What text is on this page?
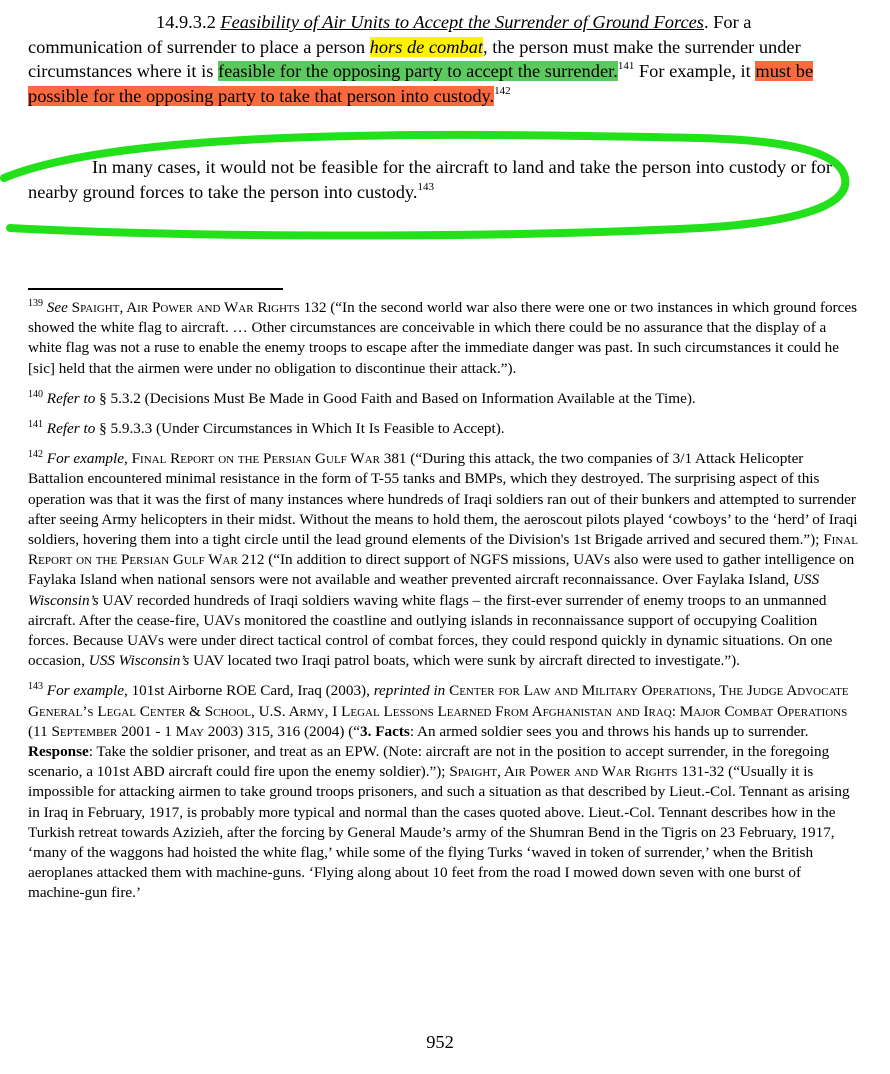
14.9.3.2 Feasibility of Air Units to Accept the Surrender of Ground Forces. For a communication of surrender to place a person hors de combat, the person must make the surrender under circumstances where it is feasible for the opposing party to accept the surrender.$^{141}$ For example, it must be possible for the opposing party to take that person into custody.$^{142}$
In many cases, it would not be feasible for the aircraft to land and take the person into custody or for nearby ground forces to take the person into custody.$^{143}$

$^{139}$ See Spaight, Air Power and War Rights 132 (“In the second world war also there were one or two instances in which ground forces showed the white flag to aircraft. … Other circumstances are conceivable in which there could be no assurance that the display of a white flag was not a ruse to enable the enemy troops to escape after the immediate danger was past. In such circumstances it could he [sic] held that the airmen were under no obligation to discontinue their attack.”).

$^{140}$ Refer to § 5.3.2 (Decisions Must Be Made in Good Faith and Based on Information Available at the Time).

$^{141}$ Refer to § 5.9.3.3 (Under Circumstances in Which It Is Feasible to Accept).

$^{142}$ For example, Final Report on the Persian Gulf War 381 (“During this attack, the two companies of 3/1 Attack Helicopter Battalion encountered minimal resistance in the form of T-55 tanks and BMPs, which they destroyed. The surprising aspect of this operation was that it was the first of many instances where hundreds of Iraqi soldiers ran out of their bunkers and attempted to surrender after seeing Army helicopters in their midst. Without the means to hold them, the aeroscout pilots played ‘cowboys’ to the ‘herd’ of Iraqi soldiers, hovering them into a tight circle until the lead ground elements of the Division's 1st Brigade arrived and secured them.”); Final Report on the Persian Gulf War 212 (“In addition to direct support of NGFS missions, UAVs also were used to gather intelligence on Faylaka Island when national sensors were not available and weather prevented aircraft reconnaissance. Over Faylaka Island, USS Wisconsin’s UAV recorded hundreds of Iraqi soldiers waving white flags – the first-ever surrender of enemy troops to an unmanned aircraft. After the cease-fire, UAVs monitored the coastline and outlying islands in reconnaissance support of occupying Coalition forces. Because UAVs were under direct tactical control of combat forces, they could respond quickly in dynamic situations. On one occasion, USS Wisconsin’s UAV located two Iraqi patrol boats, which were sunk by aircraft directed to investigate.”).

$^{143}$ For example, 101st Airborne ROE Card, Iraq (2003), reprinted in Center for Law and Military Operations, The Judge Advocate General’s Legal Center & School, U.S. Army, I Legal Lessons Learned From Afghanistan and Iraq: Major Combat Operations (11 September 2001 - 1 May 2003) 315, 316 (2004) (“3. Facts: An armed soldier sees you and throws his hands up to surrender. Response: Take the soldier prisoner, and treat as an EPW. (Note: aircraft are not in the position to accept surrender, in the foregoing scenario, a 101st ABD aircraft could fire upon the enemy soldier).”); Spaight, Air Power and War Rights 131-32 (“Usually it is impossible for attacking airmen to take ground troops prisoners, and such a situation as that described by Lieut.-Col. Tennant as arising in Iraq in February, 1917, is probably more typical and normal than the cases quoted above. Lieut.-Col. Tennant describes how in the Turkish retreat towards Azizieh, after the forcing by General Maude’s army of the Shumran Bend in the Tigris on 23 February, 1917, ‘many of the waggons had hoisted the white flag,’ while some of the flying Turks ‘waved in token of surrender,’ when the British aeroplanes attacked them with machine-guns. ‘Flying along about 10 feet from the road I mowed down seven with one burst of machine-gun fire.’

952
